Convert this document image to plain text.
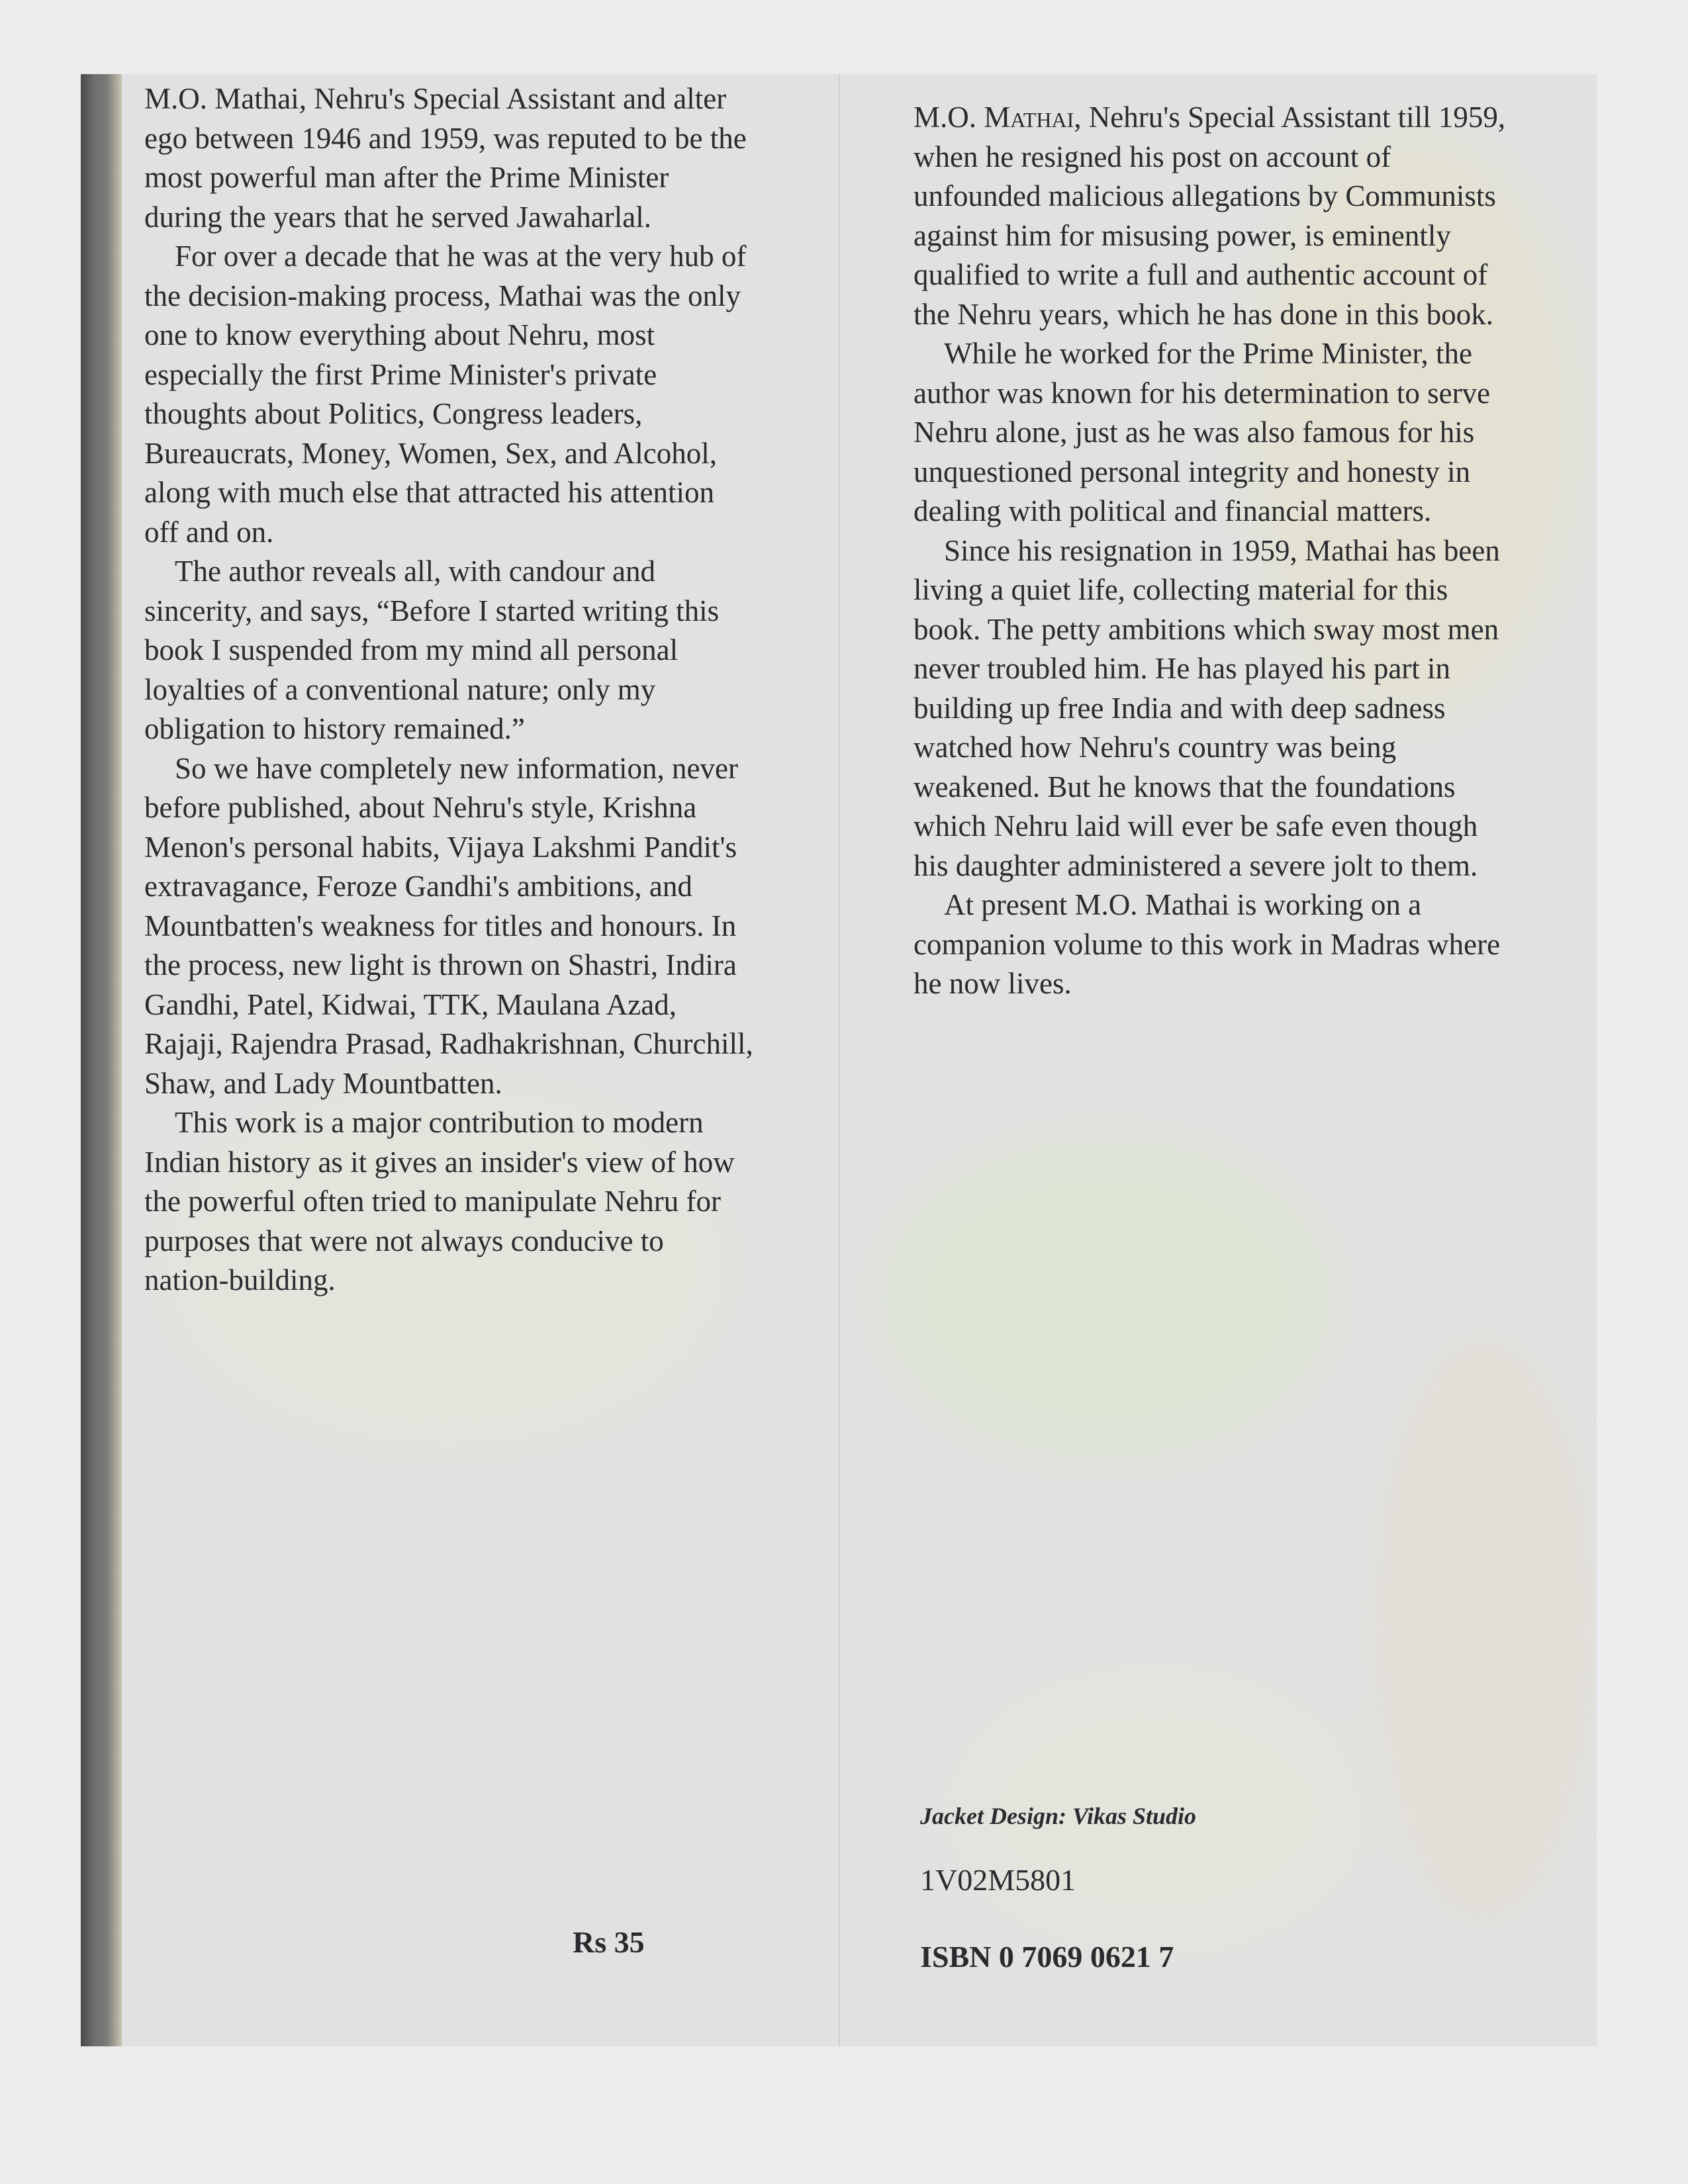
M.O. Mathai, Nehru's Special Assistant and alter ego between 1946 and 1959, was reputed to be the most powerful man after the Prime Minister during the years that he served Jawaharlal.

For over a decade that he was at the very hub of the decision-making process, Mathai was the only one to know everything about Nehru, most especially the first Prime Minister's private thoughts about Politics, Congress leaders, Bureaucrats, Money, Women, Sex, and Alcohol, along with much else that attracted his attention off and on.

The author reveals all, with candour and sincerity, and says, “Before I started writing this book I suspended from my mind all personal loyalties of a conventional nature; only my obligation to history remained.”

So we have completely new information, never before published, about Nehru's style, Krishna Menon's personal habits, Vijaya Lakshmi Pandit's extravagance, Feroze Gandhi's ambitions, and Mountbatten's weakness for titles and honours. In the process, new light is thrown on Shastri, Indira Gandhi, Patel, Kidwai, TTK, Maulana Azad, Rajaji, Rajendra Prasad, Radhakrishnan, Churchill, Shaw, and Lady Mountbatten.

This work is a major contribution to modern Indian history as it gives an insider's view of how the powerful often tried to manipulate Nehru for purposes that were not always conducive to nation-building.

Rs 35

M.O. Mathai, Nehru's Special Assistant till 1959, when he resigned his post on account of unfounded malicious allegations by Communists against him for misusing power, is eminently qualified to write a full and authentic account of the Nehru years, which he has done in this book.

While he worked for the Prime Minister, the author was known for his determination to serve Nehru alone, just as he was also famous for his unquestioned personal integrity and honesty in dealing with political and financial matters.

Since his resignation in 1959, Mathai has been living a quiet life, collecting material for this book. The petty ambitions which sway most men never troubled him. He has played his part in building up free India and with deep sadness watched how Nehru's country was being weakened. But he knows that the foundations which Nehru laid will ever be safe even though his daughter administered a severe jolt to them.

At present M.O. Mathai is working on a companion volume to this work in Madras where he now lives.

Jacket Design: Vikas Studio
1V02M5801
ISBN 0 7069 0621 7
